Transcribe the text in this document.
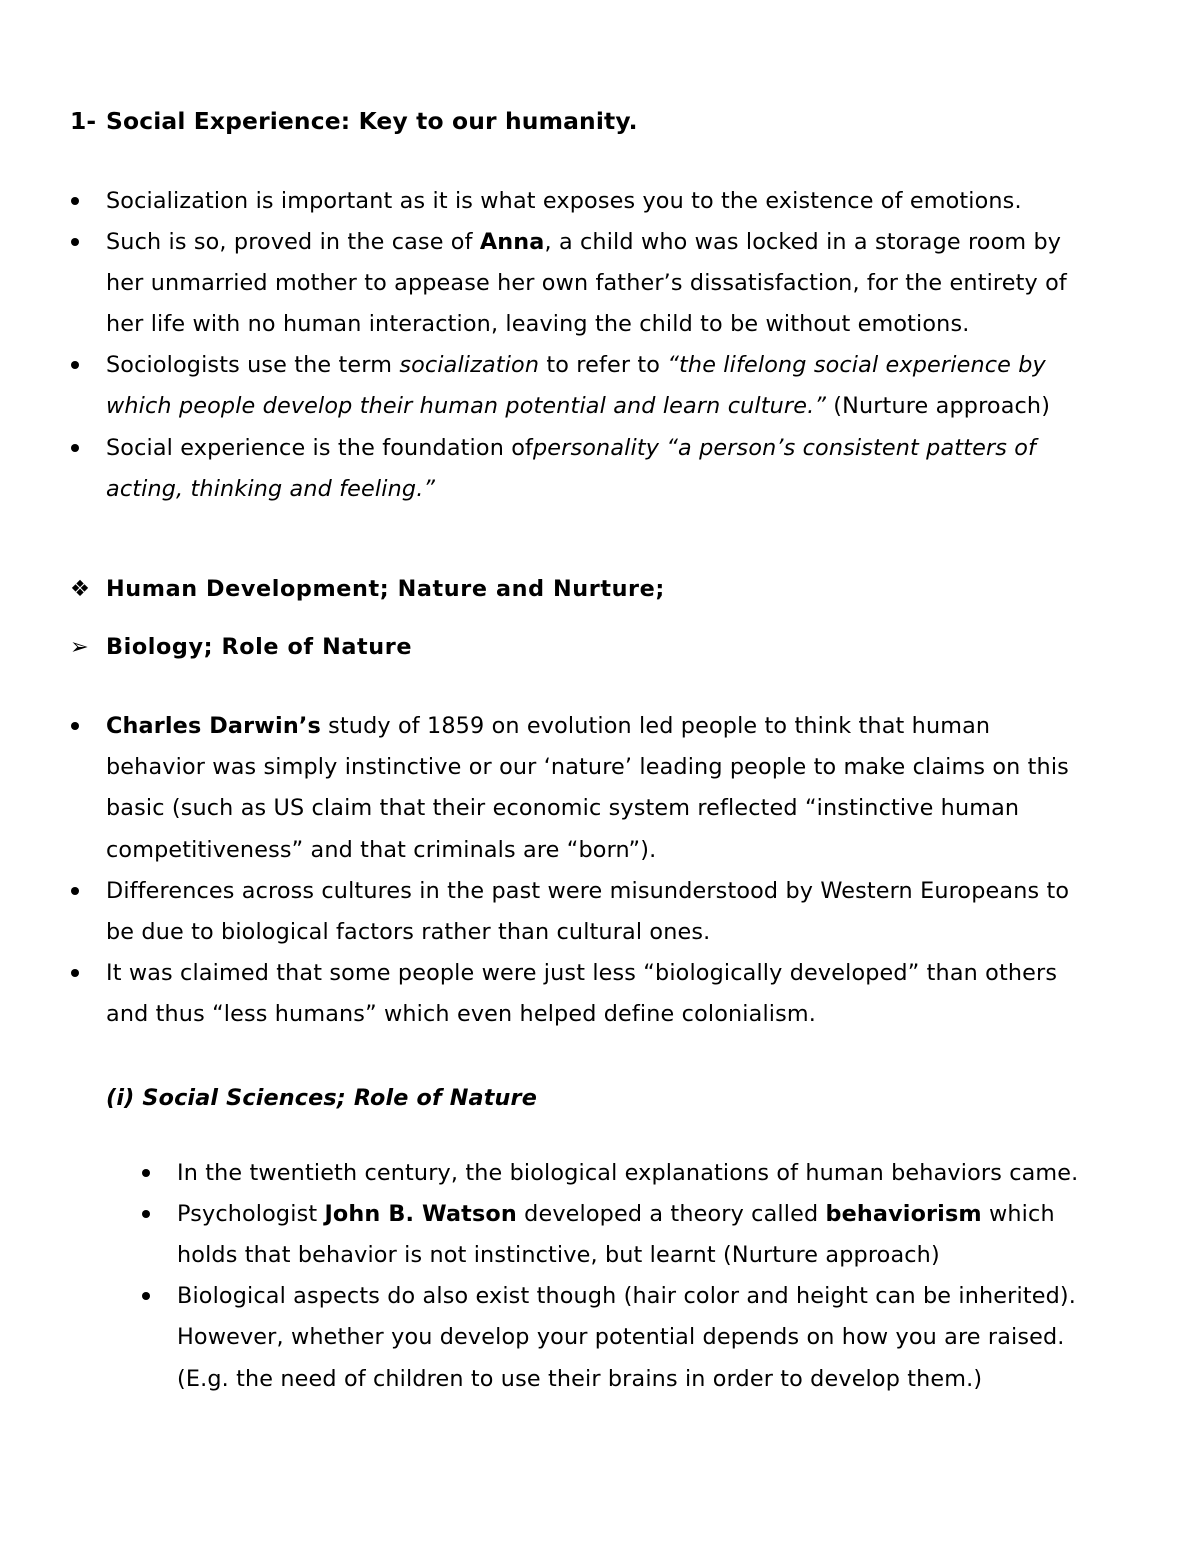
1- Social Experience: Key to our humanity.
Socialization is important as it is what exposes you to the existence of emotions.
Such is so, proved in the case of Anna, a child who was locked in a storage room by
her unmarried mother to appease her own father’s dissatisfaction, for the entirety of
her life with no human interaction, leaving the child to be without emotions.
Sociologists use the term socialization to refer to “the lifelong social experience by
which people develop their human potential and learn culture.” (Nurture approach)
Social experience is the foundation ofpersonality “a person’s consistent patters of
acting, thinking and feeling.”
❖ Human Development; Nature and Nurture;
➢ Biology; Role of Nature
Charles Darwin’s study of 1859 on evolution led people to think that human
behavior was simply instinctive or our ‘nature’ leading people to make claims on this
basic (such as US claim that their economic system reflected “instinctive human
competitiveness” and that criminals are “born”).
Differences across cultures in the past were misunderstood by Western Europeans to
be due to biological factors rather than cultural ones.
It was claimed that some people were just less “biologically developed” than others
and thus “less humans” which even helped define colonialism.
(i) Social Sciences; Role of Nature
In the twentieth century, the biological explanations of human behaviors came.
Psychologist John B. Watson developed a theory called behaviorism which
holds that behavior is not instinctive, but learnt (Nurture approach)
Biological aspects do also exist though (hair color and height can be inherited).
However, whether you develop your potential depends on how you are raised.
(E.g. the need of children to use their brains in order to develop them.)
